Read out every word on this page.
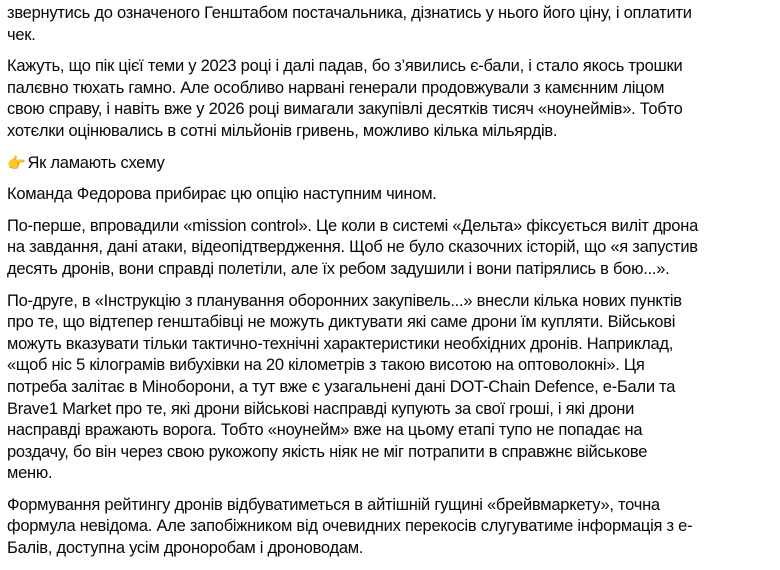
звернутись до означеного Генштабом постачальника, дізнатись у нього його ціну, і оплатити
чек.
Кажуть, що пік цієї теми у 2023 році і далі падав, бо з’явились є-бали, і стало якось трошки
палєвно тюхать гамно. Але особливо нарвані генерали продовжували з камєнним ліцом
свою справу, і навіть вже у 2026 році вимагали закупівлі десятків тисяч «ноунеймів». Тобто
хотєлки оцінювались в сотні мільйонів гривень, можливо кілька мільярдів.
👉 Як ламають схему
Команда Федорова прибирає цю опцію наступним чином.
По-перше, впровадили «mission control». Це коли в системі «Дельта» фіксується виліт дрона
на завдання, дані атаки, відеопідтвердження. Щоб не було сказочних історій, що «я запустив
десять дронів, вони справді полетіли, але їх ребом задушили і вони патірялись в бою...».
По-друге, в «Інструкцію з планування оборонних закупівель...» внесли кілька нових пунктів
про те, що відтепер генштабівці не можуть диктувати які саме дрони їм купляти. Військові
можуть вказувати тільки тактично-технічні характеристики необхідних дронів. Наприклад,
«щоб ніс 5 кілограмів вибухівки на 20 кілометрів з такою висотою на оптоволокні». Ця
потреба залітає в Міноборони, а тут вже є узагальнені дані DOT-Chain Defence, е-Бали та
Brave1 Market про те, які дрони військові насправді купують за свої гроші, і які дрони
насправді вражають ворога. Тобто «ноунейм» вже на цьому етапі тупо не попадає на
роздачу, бо він через свою рукожопу якість ніяк не міг потрапити в справжнє військове
меню.
Формування рейтингу дронів відбуватиметься в айтішній гущині «брейвмаркету», точна
формула невідома. Але запобіжником від очевидних перекосів слугуватиме інформація з е-
Балів, доступна усім дроноробам і дроноводам.
